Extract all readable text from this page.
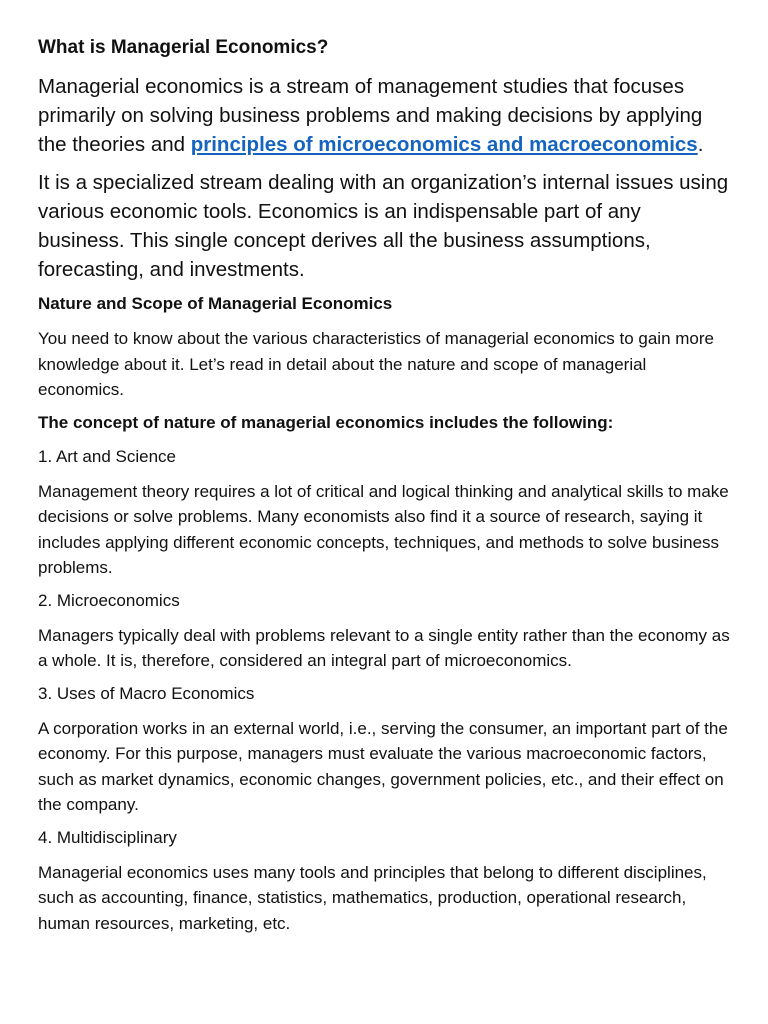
What is Managerial Economics?

Managerial economics is a stream of management studies that focuses primarily on solving business problems and making decisions by applying the theories and principles of microeconomics and macroeconomics.

It is a specialized stream dealing with an organization’s internal issues using various economic tools. Economics is an indispensable part of any business. This single concept derives all the business assumptions, forecasting, and investments.

Nature and Scope of Managerial Economics

You need to know about the various characteristics of managerial economics to gain more knowledge about it. Let’s read in detail about the nature and scope of managerial economics.

The concept of nature of managerial economics includes the following:

1. Art and Science

Management theory requires a lot of critical and logical thinking and analytical skills to make decisions or solve problems. Many economists also find it a source of research, saying it includes applying different economic concepts, techniques, and methods to solve business problems.

2. Microeconomics

Managers typically deal with problems relevant to a single entity rather than the economy as a whole. It is, therefore, considered an integral part of microeconomics.

3. Uses of Macro Economics

A corporation works in an external world, i.e., serving the consumer, an important part of the economy. For this purpose, managers must evaluate the various macroeconomic factors, such as market dynamics, economic changes, government policies, etc., and their effect on the company.

4. Multidisciplinary

Managerial economics uses many tools and principles that belong to different disciplines, such as accounting, finance, statistics, mathematics, production, operational research, human resources, marketing, etc.
